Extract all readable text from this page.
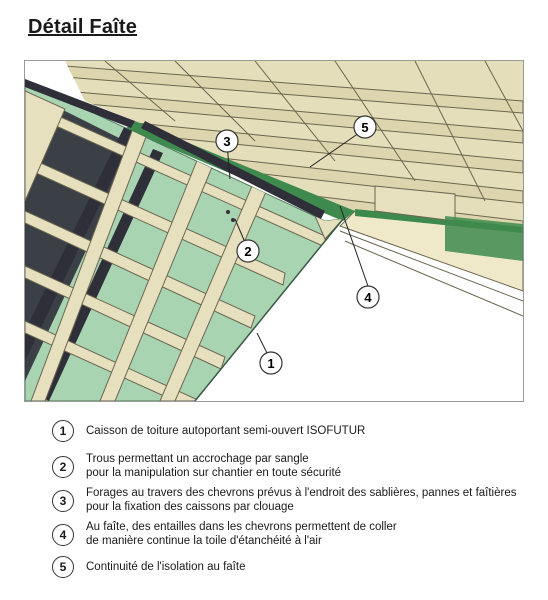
Détail Faîte
3
5
2
4
1
1	Caisson de toiture autoportant semi-ouvert ISOFUTUR
2
Trous permettant un accrochage par sangle
pour la manipulation sur chantier en toute sécurité
3
Forages au travers des chevrons prévus à l'endroit des sablières, pannes et faîtières
pour la fixation des caissons par clouage
4
Au faîte, des entailles dans les chevrons permettent de coller
de manière continue la toile d'étanchéité à l'air
5	Continuité de l'isolation au faîte
